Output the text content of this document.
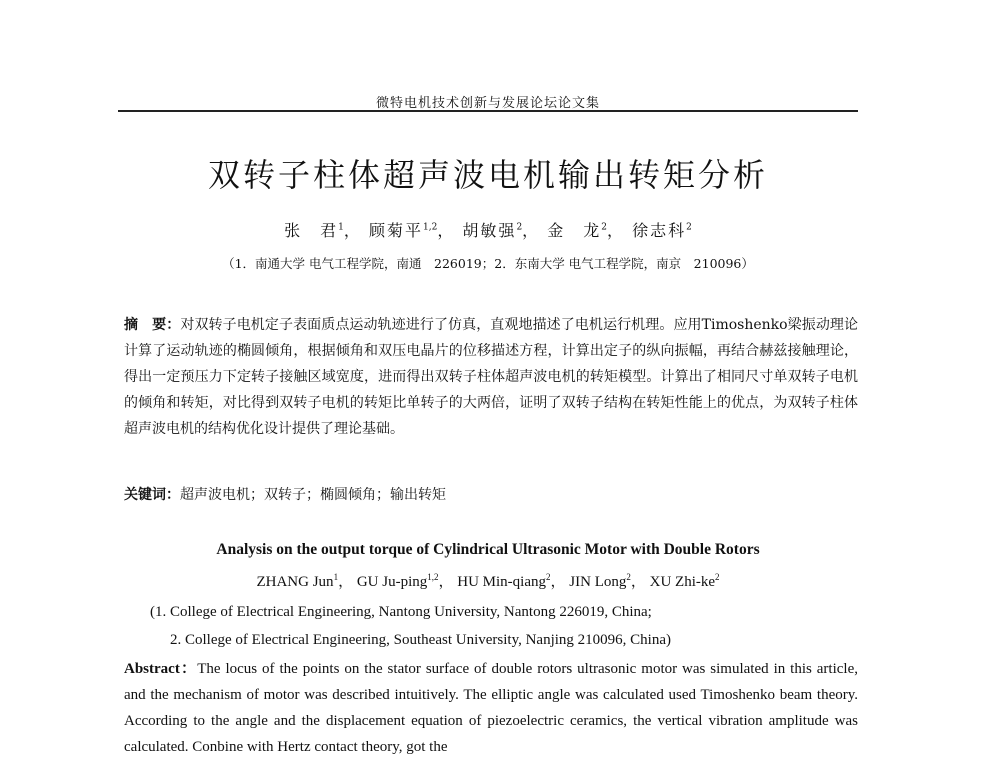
微特电机技术创新与发展论坛论文集
双转子柱体超声波电机输出转矩分析
张　君$^1$， 顾菊平$^{1,2}$， 胡敏强$^2$， 金　龙$^2$， 徐志科$^2$
（1．南通大学 电气工程学院，南通　226019；2．东南大学 电气工程学院，南京　210096）
摘　要：对双转子电机定子表面质点运动轨迹进行了仿真，直观地描述了电机运行机理。应用Timoshenko梁振动理论计算了运动轨迹的椭圆倾角，根据倾角和双压电晶片的位移描述方程，计算出定子的纵向振幅，再结合赫兹接触理论，得出一定预压力下定转子接触区域宽度，进而得出双转子柱体超声波电机的转矩模型。计算出了相同尺寸单双转子电机的倾角和转矩，对比得到双转子电机的转矩比单转子的大两倍，证明了双转子结构在转矩性能上的优点，为双转子柱体超声波电机的结构优化设计提供了理论基础。
关键词：超声波电机；双转子；椭圆倾角；输出转矩
Analysis on the output torque of Cylindrical Ultrasonic Motor with Double Rotors
ZHANG Jun$^1$， GU Ju-ping$^{1,2}$， HU Min-qiang$^2$， JIN Long$^2$， XU Zhi-$ke^2$
(1. College of Electrical Engineering, Nantong University, Nantong 226019, China;
2. College of Electrical Engineering, Southeast University, Nanjing 210096, China)
Abstract：The locus of the points on the stator surface of double rotors ultrasonic motor was simulated in this article, and the mechanism of motor was described intuitively. The elliptic angle was calculated used Timoshenko beam theory. According to the angle and the displacement equation of piezoelectric ceramics, the vertical vibration amplitude was calculated. Conbine with Hertz contact theory, got the
